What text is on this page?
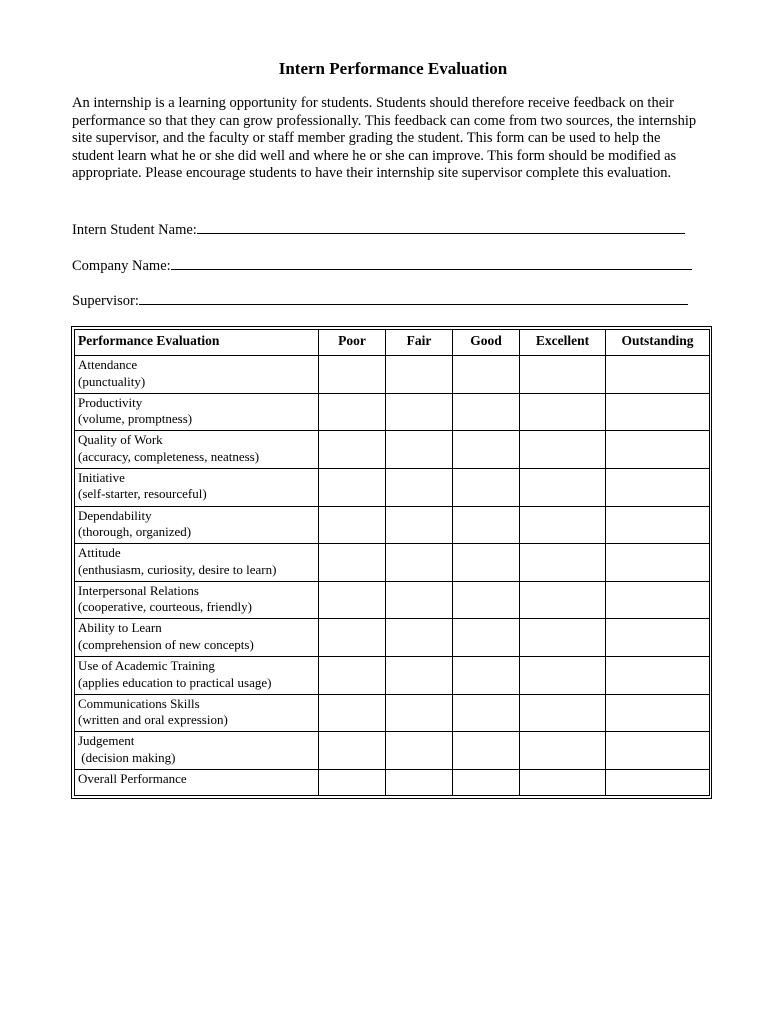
Intern Performance Evaluation
An internship is a learning opportunity for students. Students should therefore receive feedback on their performance so that they can grow professionally. This feedback can come from two sources, the internship site supervisor, and the faculty or staff member grading the student. This form can be used to help the student learn what he or she did well and where he or she can improve. This form should be modified as appropriate. Please encourage students to have their internship site supervisor complete this evaluation.
Intern Student Name:
Company Name:
Supervisor:
Performance Evaluation	Poor	Fair	Good	Excellent	Outstanding

Attendance
(punctuality)					

Productivity
(volume, promptness)					

Quality of Work
(accuracy, completeness, neatness)					

Initiative
(self-starter, resourceful)					

Dependability
(thorough, organized)					

Attitude
(enthusiasm, curiosity, desire to learn)					

Interpersonal Relations
(cooperative, courteous, friendly)					

Ability to Learn
(comprehension of new concepts)					

Use of Academic Training
(applies education to practical usage)					

Communications Skills
(written and oral expression)					

Judgement
(decision making)					

Overall Performance					
